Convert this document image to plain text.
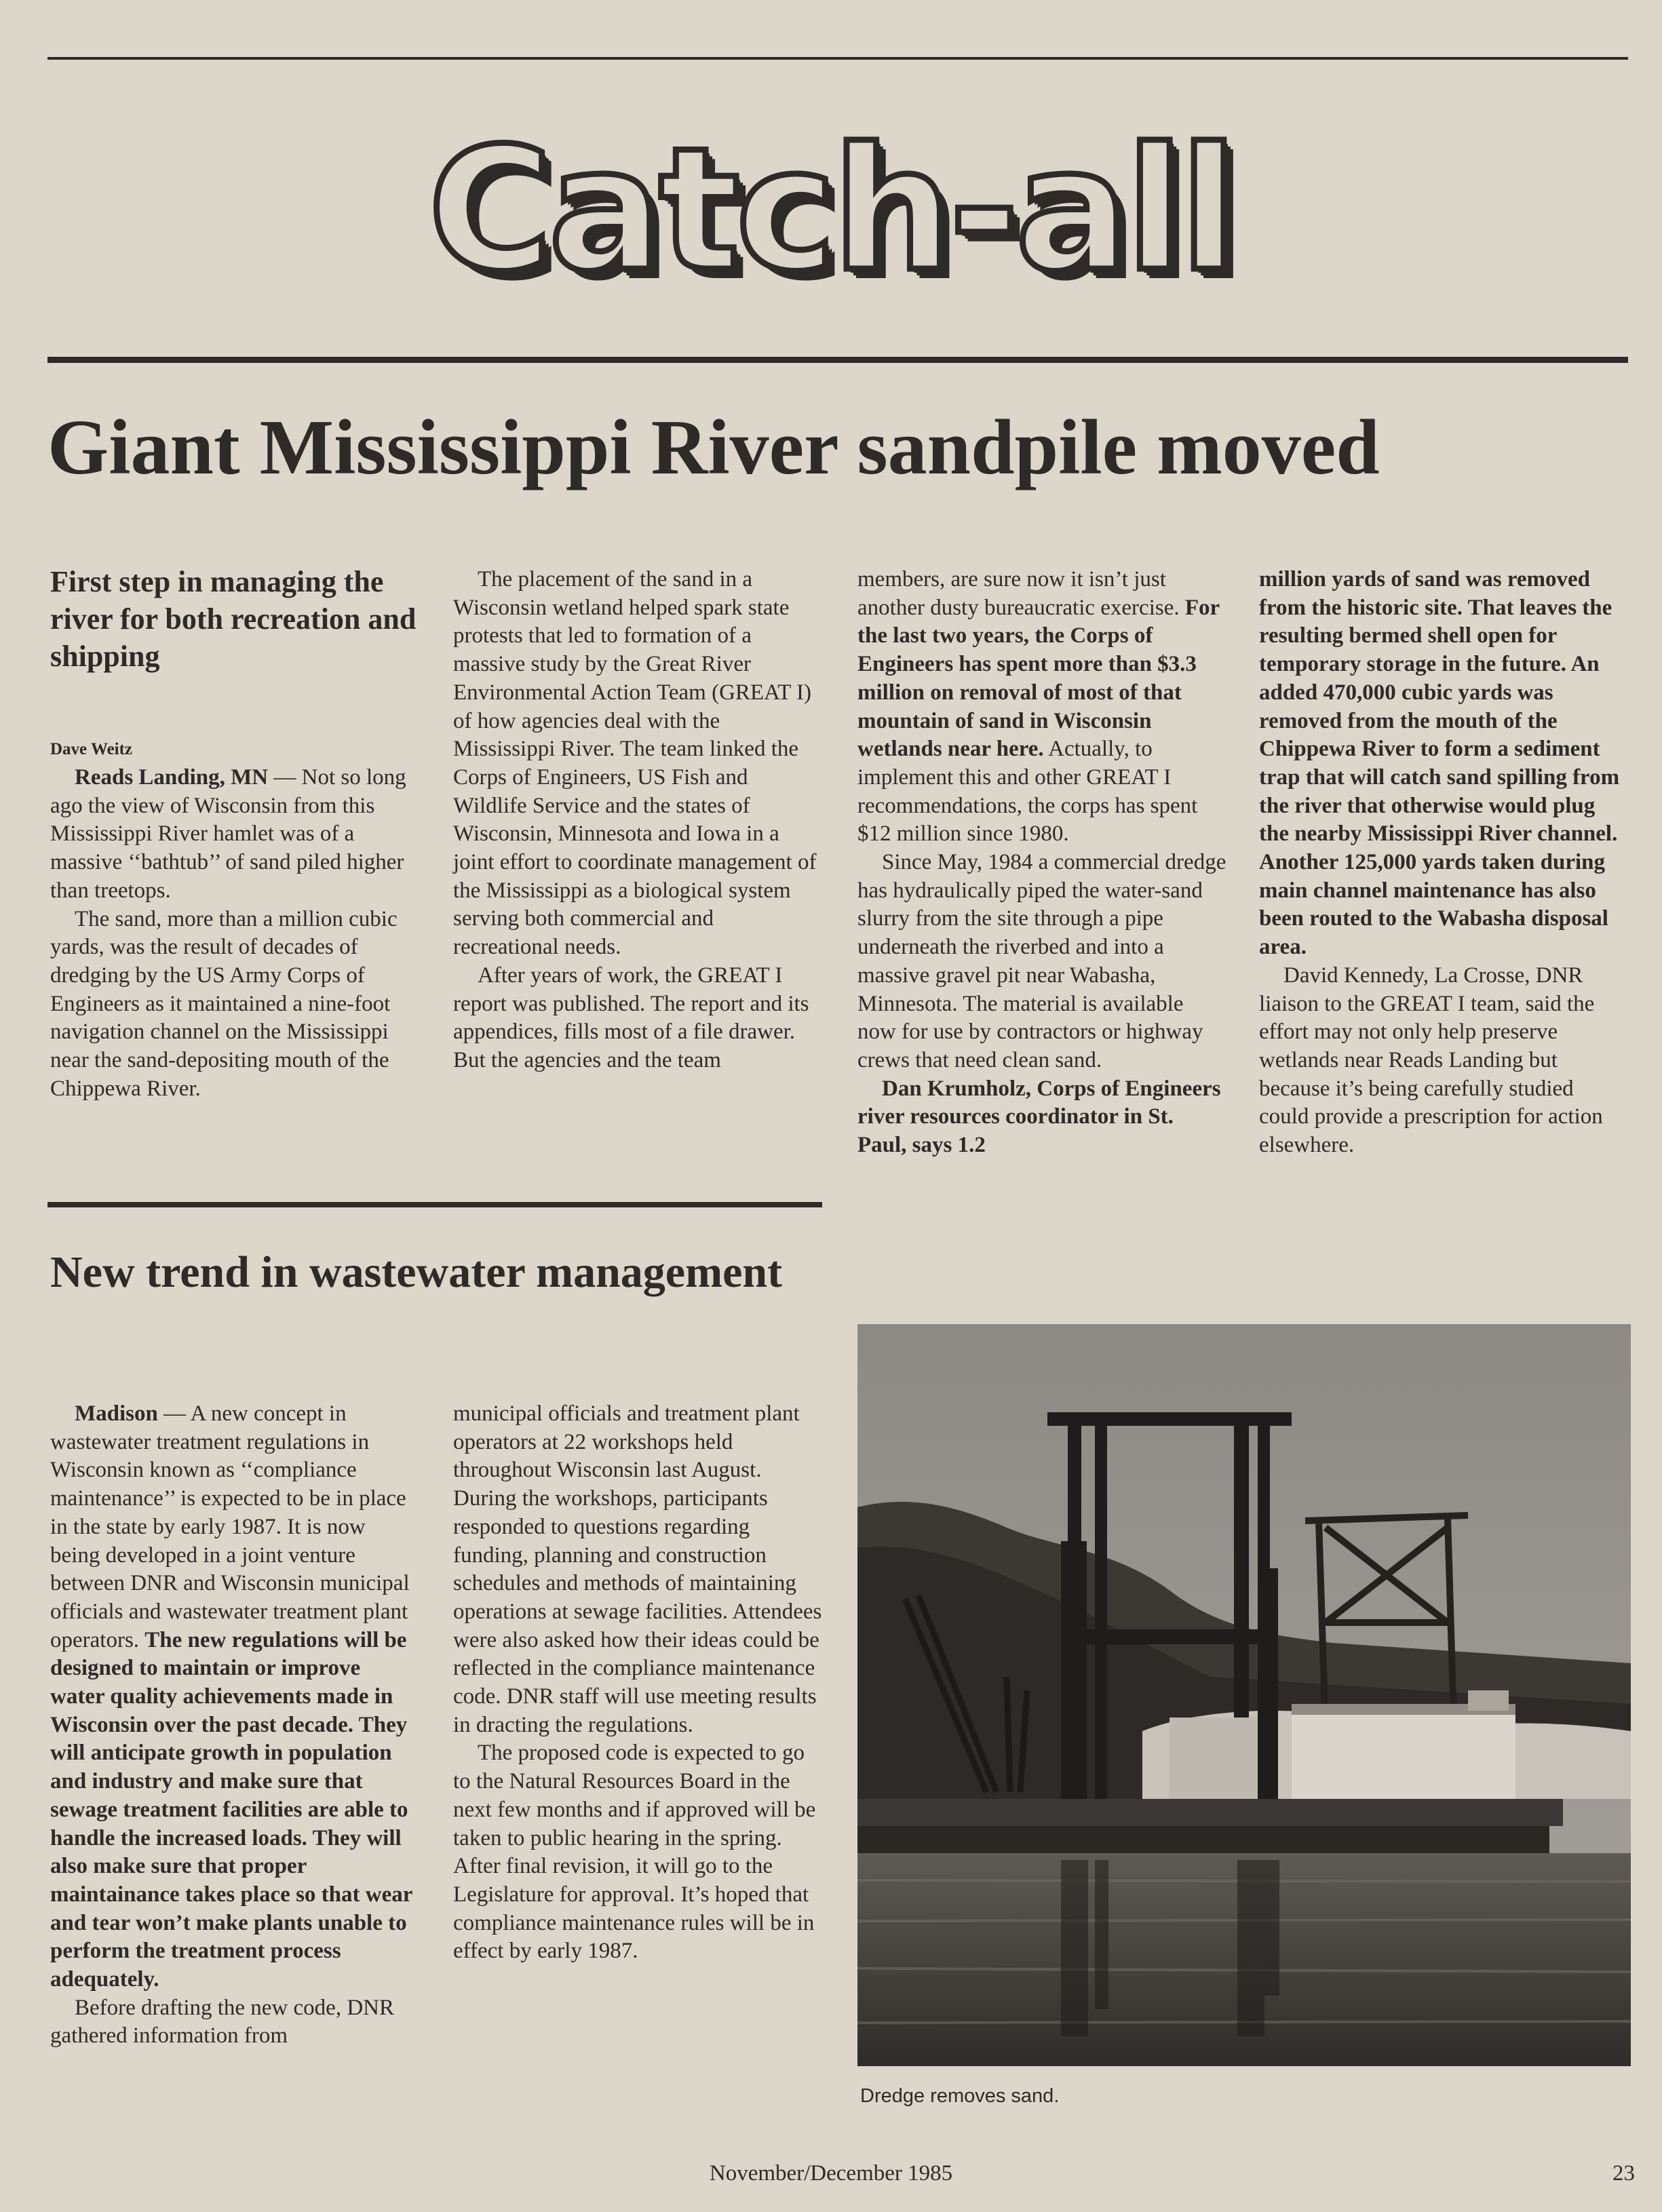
Catch-all
Giant Mississippi River sandpile moved
First step in managing the river for both recreation and shipping
Dave Weitz

Reads Landing, MN — Not so long ago the view of Wisconsin from this Mississippi River hamlet was of a massive ‘‘bathtub’’ of sand piled higher than treetops.

The sand, more than a million cubic yards, was the result of decades of dredging by the US Army Corps of Engineers as it maintained a nine-foot navigation channel on the Mississippi near the sand-depositing mouth of the Chippewa River.

The placement of the sand in a Wisconsin wetland helped spark state protests that led to formation of a massive study by the Great River Environmental Action Team (GREAT I) of how agencies deal with the Mississippi River. The team linked the Corps of Engineers, US Fish and Wildlife Service and the states of Wisconsin, Minnesota and Iowa in a joint effort to coordinate management of the Mississippi as a biological system serving both commercial and recreational needs.

After years of work, the GREAT I report was published. The report and its appendices, fills most of a file drawer. But the agencies and the team

members, are sure now it isn’t just another dusty bureaucratic exercise. For the last two years, the Corps of Engineers has spent more than $3.3 million on removal of most of that mountain of sand in Wisconsin wetlands near here. Actually, to implement this and other GREAT I recommendations, the corps has spent $12 million since 1980.

Since May, 1984 a commercial dredge has hydraulically piped the water-sand slurry from the site through a pipe underneath the riverbed and into a massive gravel pit near Wabasha, Minnesota. The material is available now for use by contractors or highway crews that need clean sand.

Dan Krumholz, Corps of Engineers river resources coordinator in St. Paul, says 1.2

million yards of sand was removed from the historic site. That leaves the resulting bermed shell open for temporary storage in the future. An added 470,000 cubic yards was removed from the mouth of the Chippewa River to form a sediment trap that will catch sand spilling from the river that otherwise would plug the nearby Mississippi River channel. Another 125,000 yards taken during main channel maintenance has also been routed to the Wabasha disposal area.

David Kennedy, La Crosse, DNR liaison to the GREAT I team, said the effort may not only help preserve wetlands near Reads Landing but because it’s being carefully studied could provide a prescription for action elsewhere.

New trend in wastewater management

Madison — A new concept in wastewater treatment regulations in Wisconsin known as ‘‘compliance maintenance’’ is expected to be in place in the state by early 1987. It is now being developed in a joint venture between DNR and Wisconsin municipal officials and wastewater treatment plant operators. The new regulations will be designed to maintain or improve water quality achievements made in Wisconsin over the past decade. They will anticipate growth in population and industry and make sure that sewage treatment facilities are able to handle the increased loads. They will also make sure that proper maintainance takes place so that wear and tear won’t make plants unable to perform the treatment process adequately.

Before drafting the new code, DNR gathered information from

municipal officials and treatment plant operators at 22 workshops held throughout Wisconsin last August. During the workshops, participants responded to questions regarding funding, planning and construction schedules and methods of maintaining operations at sewage facilities. Attendees were also asked how their ideas could be reflected in the compliance maintenance code. DNR staff will use meeting results in dracting the regulations.

The proposed code is expected to go to the Natural Resources Board in the next few months and if approved will be taken to public hearing in the spring. After final revision, it will go to the Legislature for approval. It’s hoped that compliance maintenance rules will be in effect by early 1987.

Dredge removes sand.
November/December 1985	23
